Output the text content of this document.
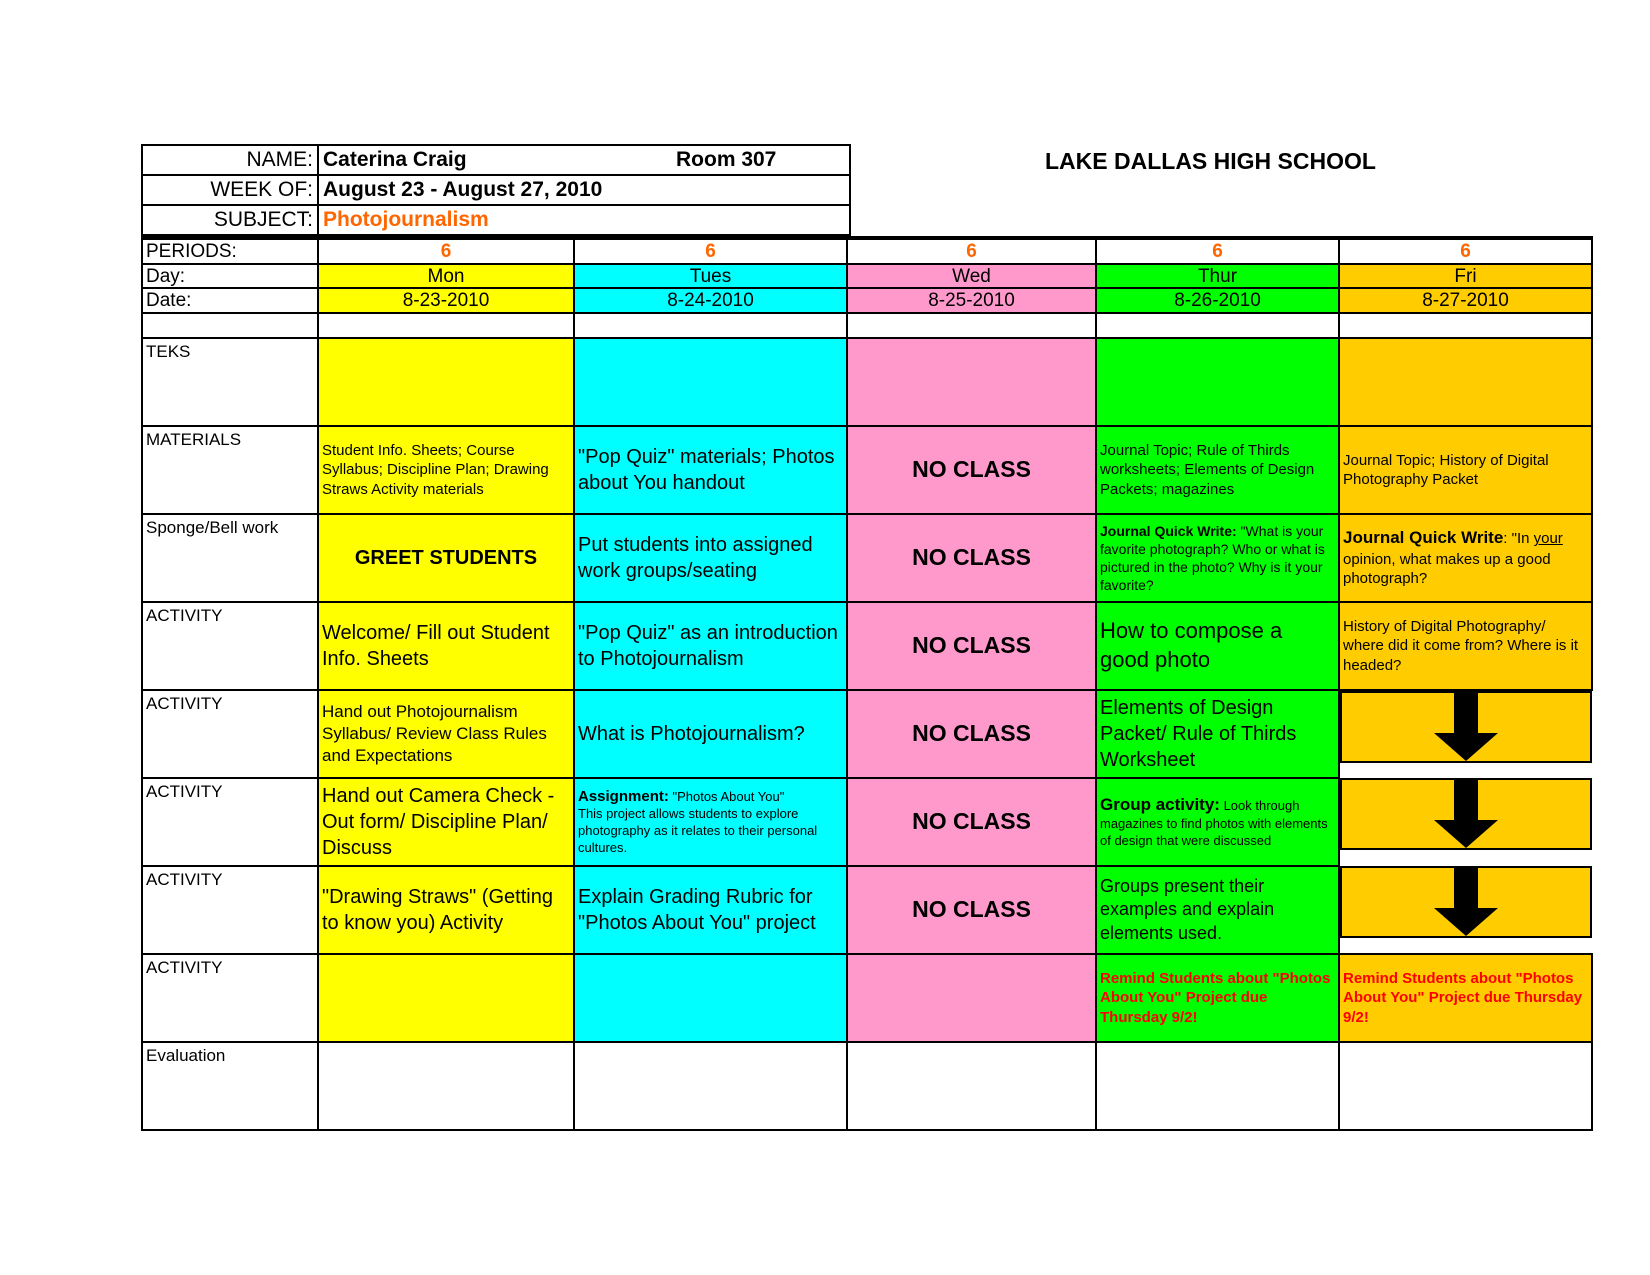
NAME:	Caterina Craig Room 307

WEEK OF:	August 23 - August 27, 2010
SUBJECT:	Photojournalism
LAKE DALLAS HIGH SCHOOL
PERIODS:	6	6	6	6	6
Day:	Mon	Tues	Wed	Thur	Fri
Date:	8-23-2010	8-24-2010	8-25-2010	8-26-2010	8-27-2010

TEKS					
MATERIALS	Student Info. Sheets; Course Syllabus; Discipline Plan; Drawing Straws Activity materials	"Pop Quiz" materials; Photos about You handout	NO CLASS	Journal Topic; Rule of Thirds worksheets; Elements of Design Packets; magazines	Journal Topic; History of Digital Photography Packet
Sponge/Bell work	GREET STUDENTS	Put students into assigned work groups/seating	NO CLASS	Journal Quick Write: "What is your favorite photograph? Who or what is pictured in the photo? Why is it your favorite?	Journal Quick Write: "In your opinion, what makes up a good photograph?
ACTIVITY	Welcome/ Fill out Student Info. Sheets	"Pop Quiz" as an introduction to Photojournalism	NO CLASS	How to compose a good photo	History of Digital Photography/ where did it come from? Where is it headed?
ACTIVITY	Hand out Photojournalism Syllabus/ Review Class Rules and Expectations	What is Photojournalism?	NO CLASS	Elements of Design Packet/ Rule of Thirds Worksheet	

ACTIVITY	Hand out Camera Check - Out form/ Discipline Plan/ Discuss	Assignment: "Photos About You"
This project allows students to explore photography as it relates to their personal cultures.	NO CLASS	Group activity: Look through magazines to find photos with elements of design that were discussed	

ACTIVITY	"Drawing Straws" (Getting to know you) Activity	Explain Grading Rubric for "Photos About You" project	NO CLASS	Groups present their examples and explain elements used.	

ACTIVITY				Remind Students about "Photos About You" Project due Thursday 9/2!	Remind Students about "Photos About You" Project due Thursday 9/2!
Evaluation					
